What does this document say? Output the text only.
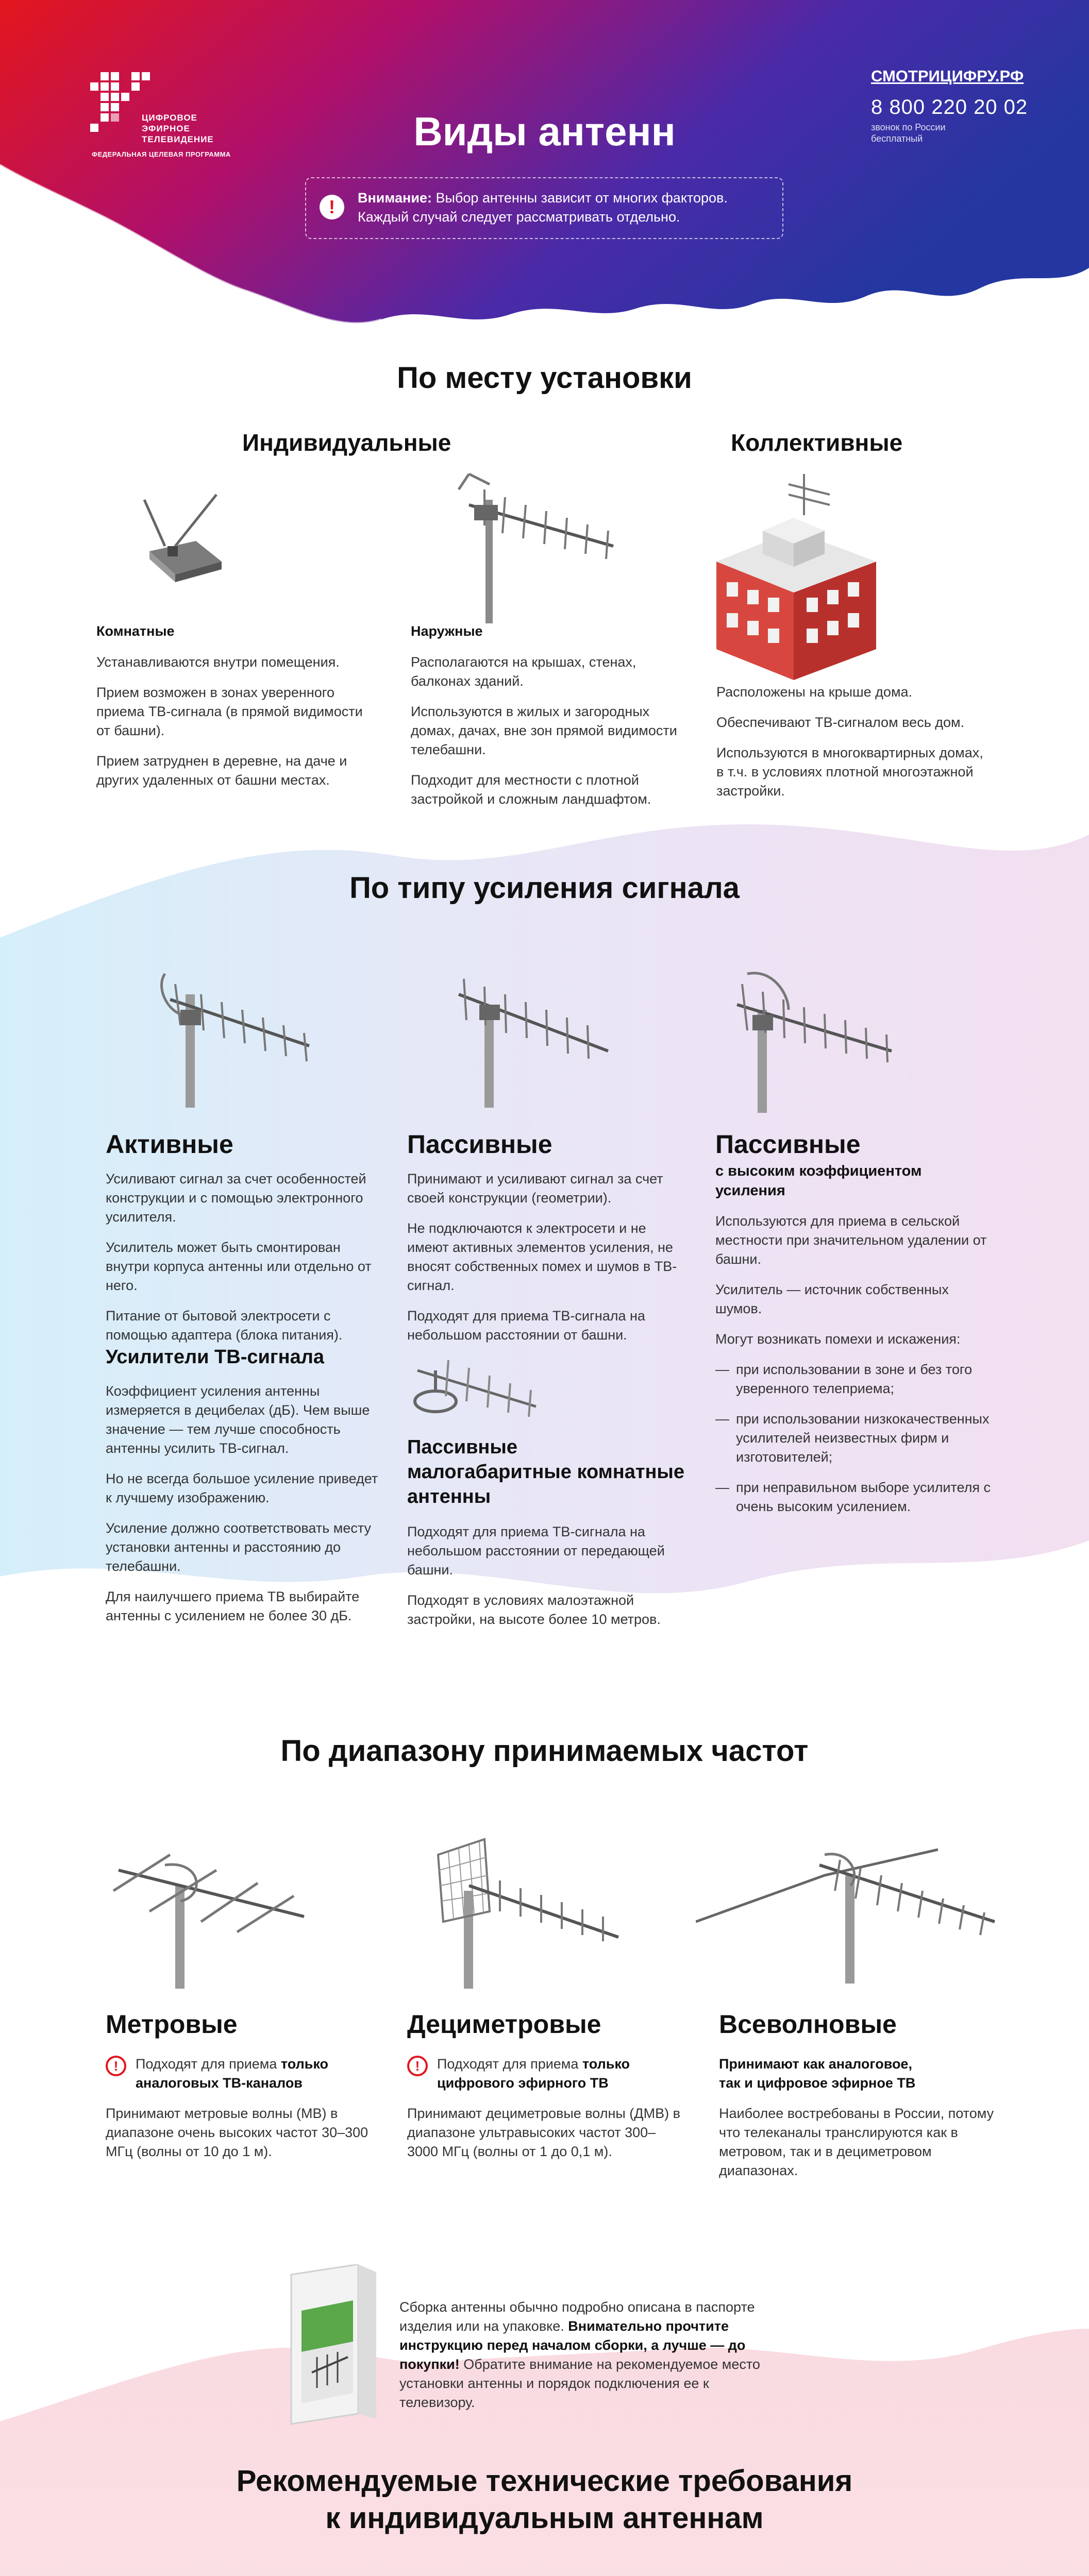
ЦИФРОВОЕ
ЭФИРНОЕ
ТЕЛЕВИДЕНИЕ
ФЕДЕРАЛЬНАЯ ЦЕЛЕВАЯ ПРОГРАММА
Виды антенн
!	Внимание: Выбор антенны зависит от многих факторов. Каждый случай следует рассматривать отдельно.
СМОТРИЦИФРУ.РФ
8 800 220 20 02
звонок по России
бесплатный
По месту установки
Индивидуальные	Коллективные
Комнатные

Устанавливаются внутри помещения.

Прием возможен в зонах уверенного приема ТВ-сигнала (в прямой видимости от башни).

Прием затруднен в деревне, на даче и других удаленных от башни местах.

Наружные

Располагаются на крышах, стенах, балконах зданий.

Используются в жилых и загородных домах, дачах, вне зон прямой видимости телебашни.

Подходит для местности с плотной застройкой и сложным ландшафтом.

Расположены на крыше дома.

Обеспечивают ТВ-сигналом весь дом.

Используются в многоквартирных домах, в т.ч. в условиях плотной многоэтажной застройки.

По типу усиления сигнала
Активные

Усиливают сигнал за счет особенностей конструкции и с помощью электронного усилителя.

Усилитель может быть смонтирован внутри корпуса антенны или отдельно от него.

Питание от бытовой электросети с помощью адаптера (блока питания).

Усилители ТВ-сигнала

Коэффициент усиления антенны измеряется в децибелах (дБ). Чем выше значение — тем лучше способность антенны усилить ТВ-сигнал.

Но не всегда большое усиление приведет к лучшему изображению.

Усиление должно соответствовать месту установки антенны и расстоянию до телебашни.

Для наилучшего приема ТВ выбирайте антенны с усилением не более 30 дБ.

Пассивные

Принимают и усиливают сигнал за счет своей конструкции (геометрии).

Не подключаются к электросети и не имеют активных элементов усиления, не вносят собственных помех и шумов в ТВ-сигнал.

Подходят для приема ТВ-сигнала на небольшом расстоянии от башни.

Пассивные малогабаритные комнатные антенны

Подходят для приема ТВ-сигнала на небольшом расстоянии от передающей башни.

Подходят в условиях малоэтажной застройки, на высоте более 10 метров.

Пассивные
с высоким коэффициентом усиления

Используются для приема в сельской местности при значительном удалении от башни.

Усилитель — источник собственных шумов.

Могут возникать помехи и искажения:

— при использовании в зоне и без того уверенного телеприема;

— при использовании низкокачественных усилителей неизвестных фирм и изготовителей;

— при неправильном выборе усилителя с очень высоким усилением.

По диапазону принимаемых частот
Метровые

!	Подходят для приема только аналоговых ТВ-каналов

Принимают метровые волны (МВ) в диапазоне очень высоких частот 30–300 МГц (волны от 10 до 1 м).

Дециметровые

!	Подходят для приема только цифрового эфирного ТВ

Принимают дециметровые волны (ДМВ) в диапазоне ультравысоких частот 300–3000 МГц (волны от 1 до 0,1 м).

Всеволновые

Принимают как аналоговое, так и цифровое эфирное ТВ

Наиболее востребованы в России, потому что телеканалы транслируются как в метровом, так и в дециметровом диапазонах.

Сборка антенны обычно подробно описана в паспорте изделия или на упаковке. Внимательно прочтите инструкцию перед началом сборки, а лучше — до покупки! Обратите внимание на рекомендуемое место установки антенны и порядок подключения ее к телевизору.

Рекомендуемые технические требования
к индивидуальным антеннам
